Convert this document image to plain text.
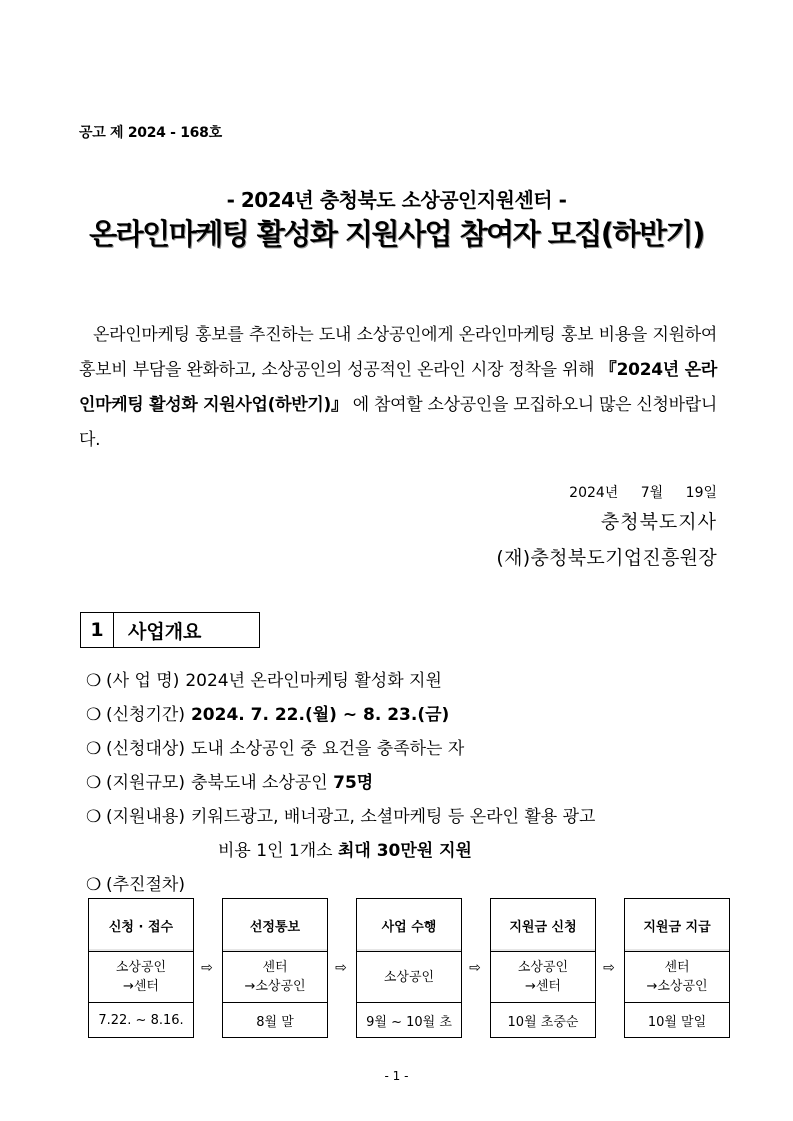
공고 제 2024 - 168호
- 2024년 충청북도 소상공인지원센터 -
온라인마케팅 활성화 지원사업 참여자 모집(하반기)
온라인마케팅 홍보를 추진하는 도내 소상공인에게 온라인마케팅 홍보 비용을 지원하여 홍보비 부담을 완화하고, 소상공인의 성공적인 온라인 시장 정착을 위해 『2024년 온라인마케팅 활성화 지원사업(하반기)』 에 참여할 소상공인을 모집하오니 많은 신청바랍니다.
2024년 7월 19일
충청북도지사
(재)충청북도기업진흥원장
1	사업개요
❍ (사 업 명) 2024년 온라인마케팅 활성화 지원
❍ (신청기간) 2024. 7. 22.(월) ~ 8. 23.(금)
❍ (신청대상) 도내 소상공인 중 요건을 충족하는 자
❍ (지원규모) 충북도내 소상공인 75명
❍ (지원내용) 키워드광고, 배너광고, 소셜마케팅 등 온라인 활용 광고
비용 1인 1개소 최대 30만원 지원
❍ (추진절차)
신청 · 접수
소상공인
→센터
7.22. ~ 8.16.
⇨
선정통보
센터
→소상공인
8월 말
⇨
사업 수행
소상공인
9월 ~ 10월 초
⇨
지원금 신청
소상공인
→센터
10월 초중순
⇨
지원금 지급
센터
→소상공인
10월 말일
- 1 -
